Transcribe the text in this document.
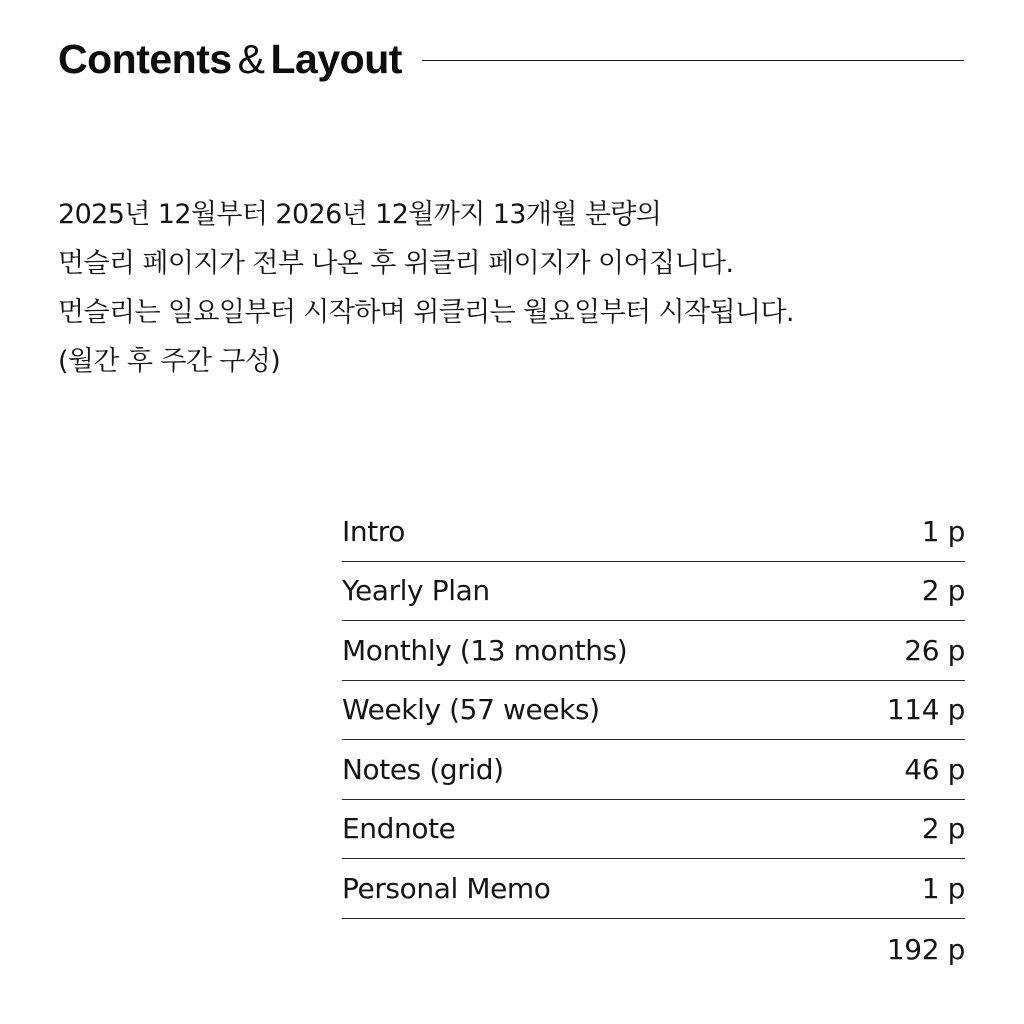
Contents & Layout
2025년 12월부터 2026년 12월까지 13개월 분량의
먼슬리 페이지가 전부 나온 후 위클리 페이지가 이어집니다.
먼슬리는 일요일부터 시작하며 위클리는 월요일부터 시작됩니다.
(월간 후 주간 구성)
Intro	1 p
Yearly Plan	2 p
Monthly (13 months)	26 p
Weekly (57 weeks)	114 p
Notes (grid)	46 p
Endnote	2 p
Personal Memo	1 p
192 p
